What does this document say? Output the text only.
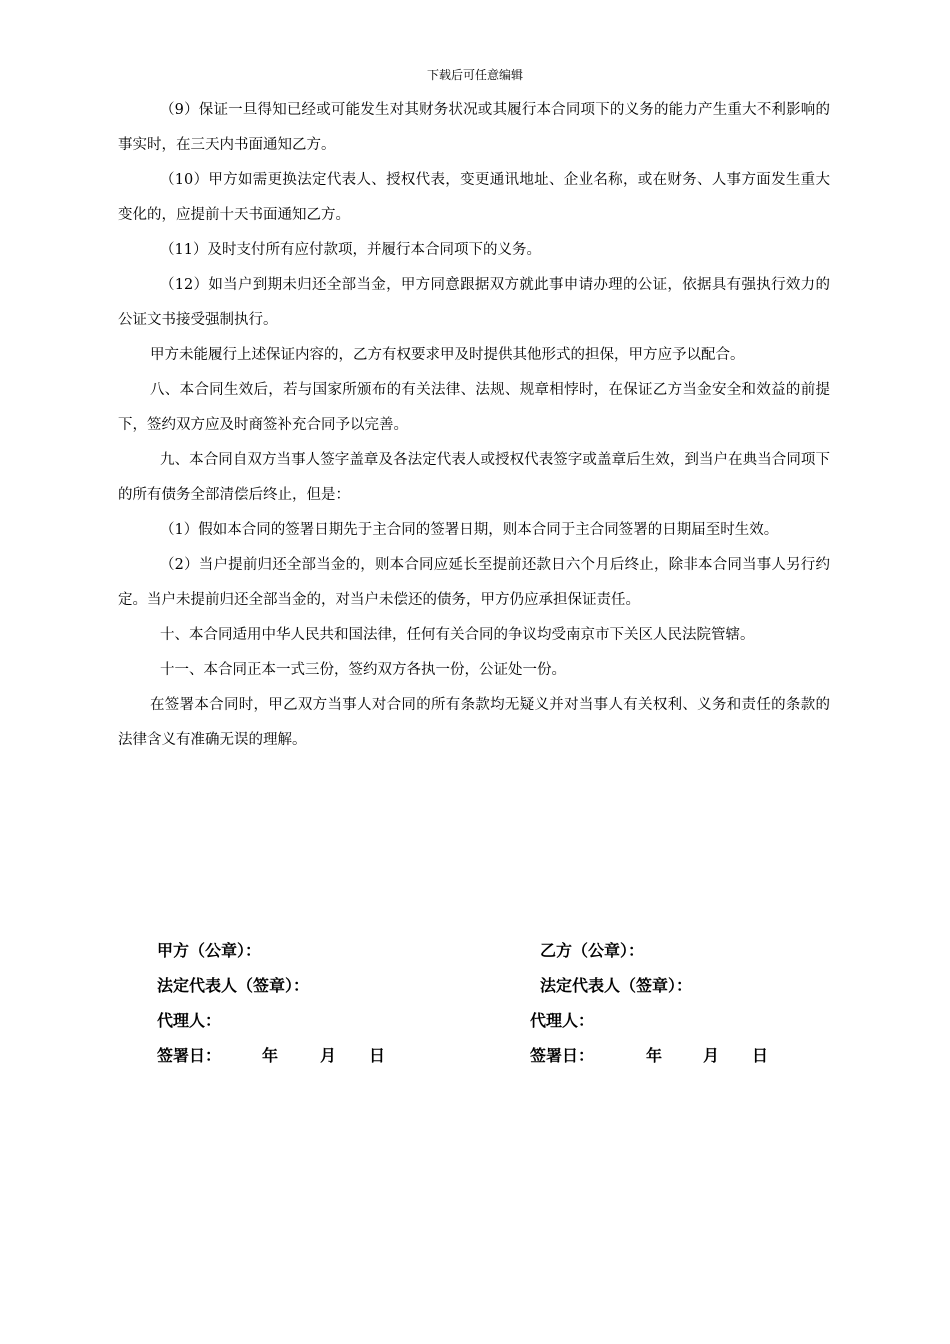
下载后可任意编辑

（9）保证一旦得知已经或可能发生对其财务状况或其履行本合同项下的义务的能力产生重大不利影响的事实时，在三天内书面通知乙方。

（10）甲方如需更换法定代表人、授权代表，变更通讯地址、企业名称，或在财务、人事方面发生重大变化的，应提前十天书面通知乙方。

（11）及时支付所有应付款项，并履行本合同项下的义务。

（12）如当户到期未归还全部当金，甲方同意跟据双方就此事申请办理的公证，依据具有强执行效力的公证文书接受强制执行。

甲方未能履行上述保证内容的，乙方有权要求甲及时提供其他形式的担保，甲方应予以配合。

八、本合同生效后，若与国家所颁布的有关法律、法规、规章相悖时，在保证乙方当金安全和效益的前提下，签约双方应及时商签补充合同予以完善。

九、本合同自双方当事人签字盖章及各法定代表人或授权代表签字或盖章后生效，到当户在典当合同项下的所有债务全部清偿后终止，但是：

（1）假如本合同的签署日期先于主合同的签署日期，则本合同于主合同签署的日期届至时生效。

（2）当户提前归还全部当金的，则本合同应延长至提前还款日六个月后终止，除非本合同当事人另行约定。当户未提前归还全部当金的，对当户未偿还的债务，甲方仍应承担保证责任。

十、本合同适用中华人民共和国法律，任何有关合同的争议均受南京市下关区人民法院管辖。

十一、本合同正本一式三份，签约双方各执一份，公证处一份。

在签署本合同时，甲乙双方当事人对合同的所有条款均无疑义并对当事人有关权利、义务和责任的条款的法律含义有准确无误的理解。

甲方（公章）：
法定代表人（签章）：
代理人：
签署日：	年	月 日
乙方（公章）：
法定代表人（签章）：
代理人：
签署日：	年	月 日
